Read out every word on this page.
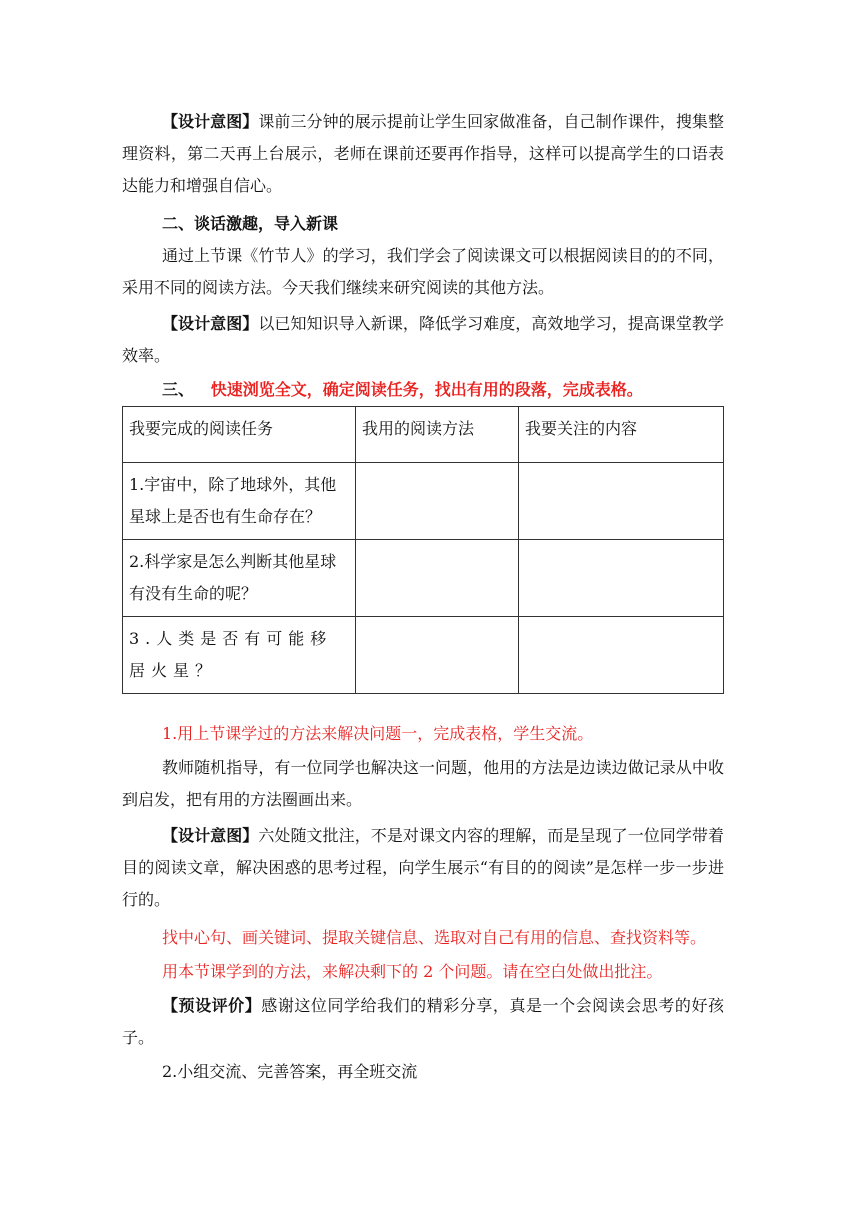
【设计意图】课前三分钟的展示提前让学生回家做准备，自己制作课件，搜集整理资料，第二天再上台展示，老师在课前还要再作指导，这样可以提高学生的口语表达能力和增强自信心。

二、谈话激趣，导入新课

通过上节课《竹节人》的学习，我们学会了阅读课文可以根据阅读目的的不同，采用不同的阅读方法。今天我们继续来研究阅读的其他方法。

【设计意图】以已知知识导入新课，降低学习难度，高效地学习，提高课堂教学效率。

三、 快速浏览全文，确定阅读任务，找出有用的段落，完成表格。

我要完成的阅读任务	我用的阅读方法	我要关注的内容
1.宇宙中，除了地球外，其他星球上是否也有生命存在？		
2.科学家是怎么判断其他星球有没有生命的呢？		
3.人类是否有可能移居火星？		

1.用上节课学过的方法来解决问题一，完成表格，学生交流。

教师随机指导，有一位同学也解决这一问题，他用的方法是边读边做记录从中收到启发，把有用的方法圈画出来。

【设计意图】六处随文批注，不是对课文内容的理解，而是呈现了一位同学带着目的阅读文章，解决困惑的思考过程，向学生展示“有目的的阅读”是怎样一步一步进行的。

找中心句、画关键词、提取关键信息、选取对自己有用的信息、查找资料等。

用本节课学到的方法，来解决剩下的 2 个问题。请在空白处做出批注。

【预设评价】感谢这位同学给我们的精彩分享，真是一个会阅读会思考的好孩子。

2.小组交流、完善答案，再全班交流
